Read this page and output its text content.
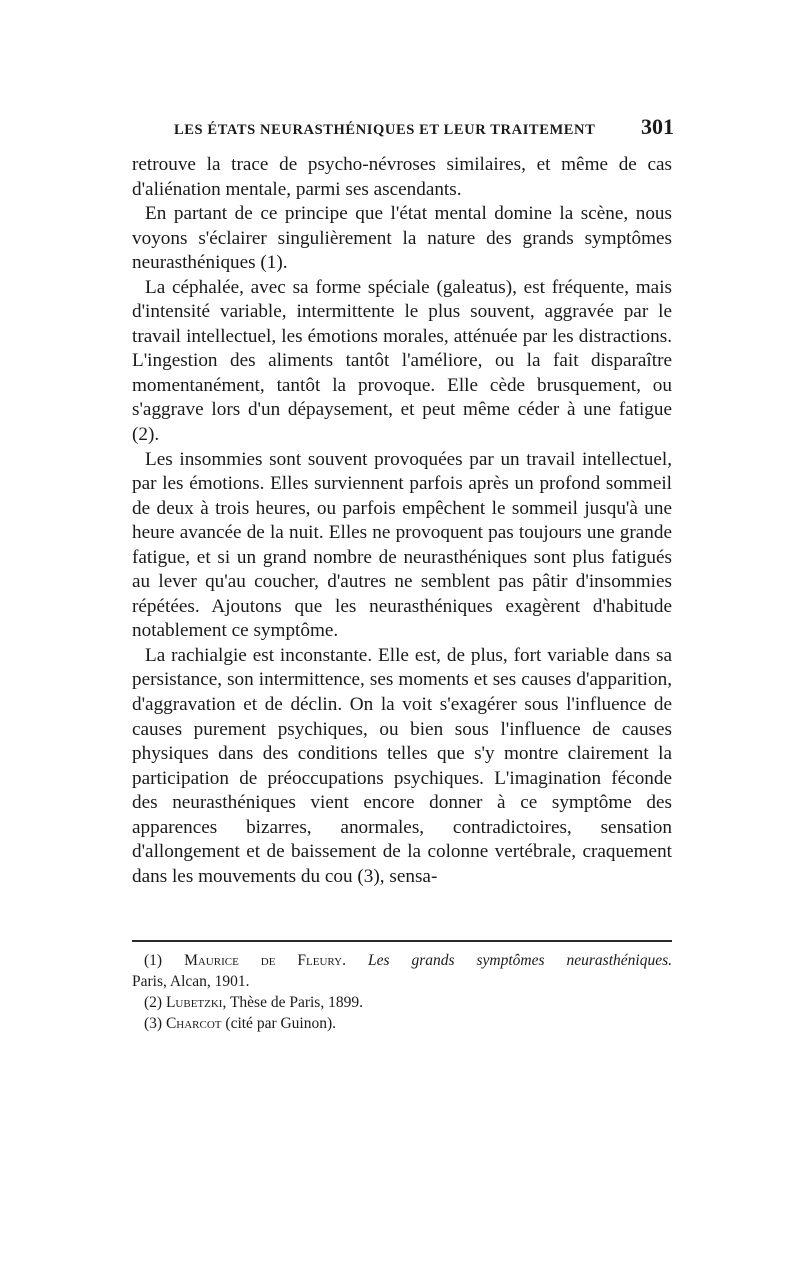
LES ÉTATS NEURASTHÉNIQUES ET LEUR TRAITEMENT 301

retrouve la trace de psycho-névroses similaires, et même de cas d'aliénation mentale, parmi ses ascendants.

En partant de ce principe que l'état mental domine la scène, nous voyons s'éclairer singulièrement la nature des grands symptômes neurasthéniques (1).

La céphalée, avec sa forme spéciale (galeatus), est fréquente, mais d'intensité variable, intermittente le plus souvent, aggravée par le travail intellectuel, les émotions morales, atténuée par les distractions. L'ingestion des aliments tantôt l'améliore, ou la fait disparaître momentanément, tantôt la provoque. Elle cède brusquement, ou s'aggrave lors d'un dépaysement, et peut même céder à une fatigue (2).

Les insommies sont souvent provoquées par un travail intellectuel, par les émotions. Elles surviennent parfois après un profond sommeil de deux à trois heures, ou parfois empêchent le sommeil jusqu'à une heure avancée de la nuit. Elles ne provoquent pas toujours une grande fatigue, et si un grand nombre de neurasthéniques sont plus fatigués au lever qu'au coucher, d'autres ne semblent pas pâtir d'insommies répétées. Ajoutons que les neurasthéniques exagèrent d'habitude notablement ce symptôme.

La rachialgie est inconstante. Elle est, de plus, fort variable dans sa persistance, son intermittence, ses moments et ses causes d'apparition, d'aggravation et de déclin. On la voit s'exagérer sous l'influence de causes purement psychiques, ou bien sous l'influence de causes physiques dans des conditions telles que s'y montre clairement la participation de préoccupations psychiques. L'imagination féconde des neurasthéniques vient encore donner à ce symptôme des apparences bizarres, anormales, contradictoires, sensation d'allongement et de baissement de la colonne vertébrale, craquement dans les mouvements du cou (3), sensa-

(1) Maurice de Fleury. Les grands symptômes neurasthéniques.

Paris, Alcan, 1901.

(2) Lubetzki, Thèse de Paris, 1899.

(3) Charcot (cité par Guinon).
